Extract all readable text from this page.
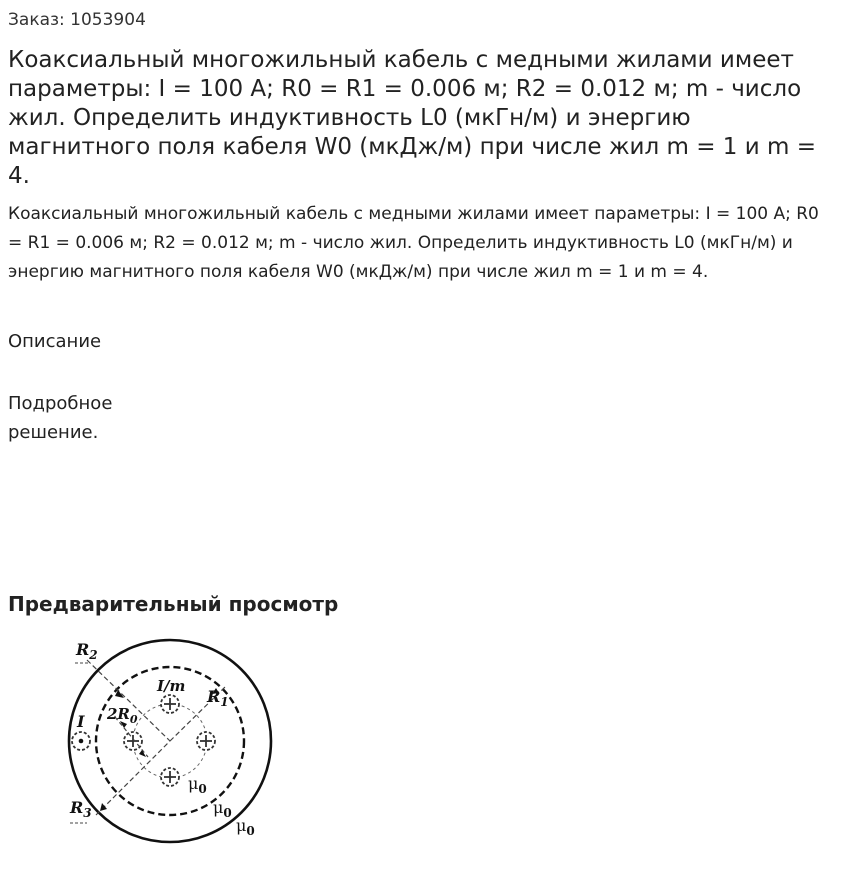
Заказ: 1053904
Коаксиальный многожильный кабель с медными жилами имеет параметры: I = 100 А; R0 = R1 = 0.006 м; R2 = 0.012 м; m - число жил. Определить индуктивность L0 (мкГн/м) и энергию магнитного поля кабеля W0 (мкДж/м) при числе жил m = 1 и m = 4.
Коаксиальный многожильный кабель с медными жилами имеет параметры: I = 100 А; R0 = R1 = 0.006 м; R2 = 0.012 м; m - число жил. Определить индуктивность L0 (мкГн/м) и энергию магнитного поля кабеля W0 (мкДж/м) при числе жил m = 1 и m = 4.
Описание
Подробное решение.
Предварительный просмотр
$R_2$
I/m
$R_1$
$2R_0$
I
$R_3$
$\mu_0$
$\mu_0$
$\mu_0$
